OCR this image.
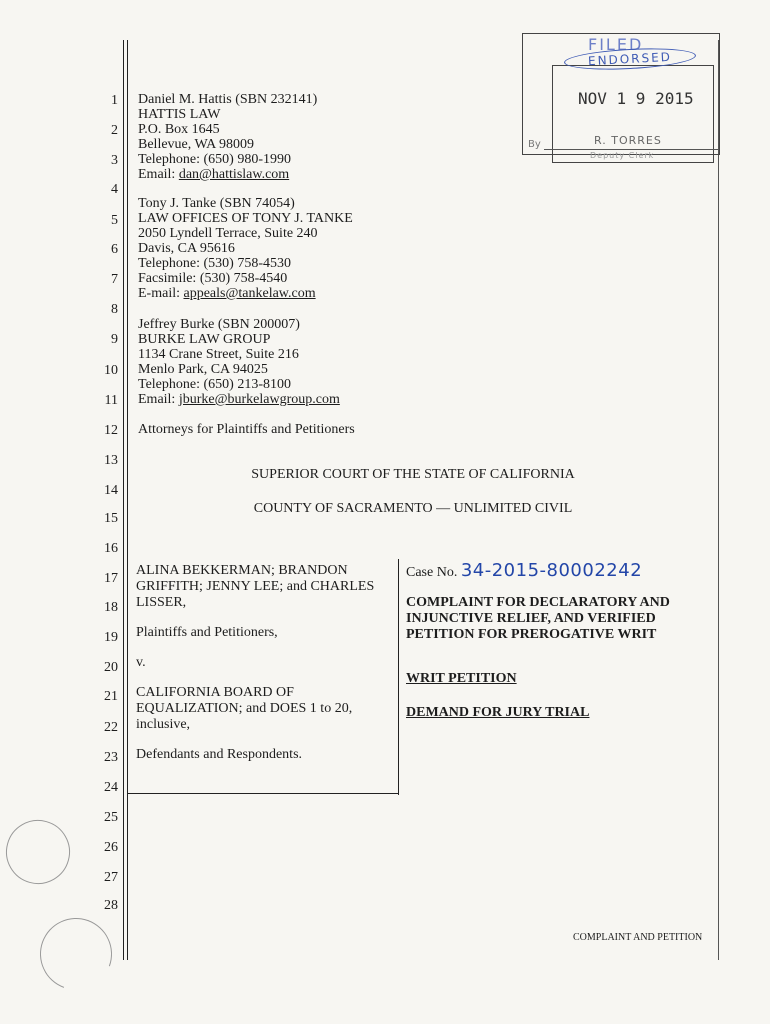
1
2
3
4
5
6
7
8
9
10
11
12
13
14
15
16
17
18
19
20
21
22
23
24
25
26
27
28
Daniel M. Hattis (SBN 232141)
HATTIS LAW
P.O. Box 1645
Bellevue, WA 98009
Telephone: (650) 980-1990
Email: dan@hattislaw.com
Tony J. Tanke (SBN 74054)
LAW OFFICES OF TONY J. TANKE
2050 Lyndell Terrace, Suite 240
Davis, CA 95616
Telephone: (530) 758-4530
Facsimile: (530) 758-4540
E-mail: appeals@tankelaw.com
Jeffrey Burke (SBN 200007)
BURKE LAW GROUP
1134 Crane Street, Suite 216
Menlo Park, CA 94025
Telephone: (650) 213-8100
Email: jburke@burkelawgroup.com
Attorneys for Plaintiffs and Petitioners
SUPERIOR COURT OF THE STATE OF CALIFORNIA
COUNTY OF SACRAMENTO — UNLIMITED CIVIL
ALINA BEKKERMAN; BRANDON GRIFFITH; JENNY LEE; and CHARLES LISSER,
Plaintiffs and Petitioners,
v.
CALIFORNIA BOARD OF EQUALIZATION; and DOES 1 to 20, inclusive,
Defendants and Respondents.
Case No. 34-2015-80002242
COMPLAINT FOR DECLARATORY AND INJUNCTIVE RELIEF, AND VERIFIED PETITION FOR PREROGATIVE WRIT
WRIT PETITION
DEMAND FOR JURY TRIAL
FILED
ENDORSED
NOV 1 9 2015
By	R. TORRES
Deputy Clerk
COMPLAINT AND PETITION
